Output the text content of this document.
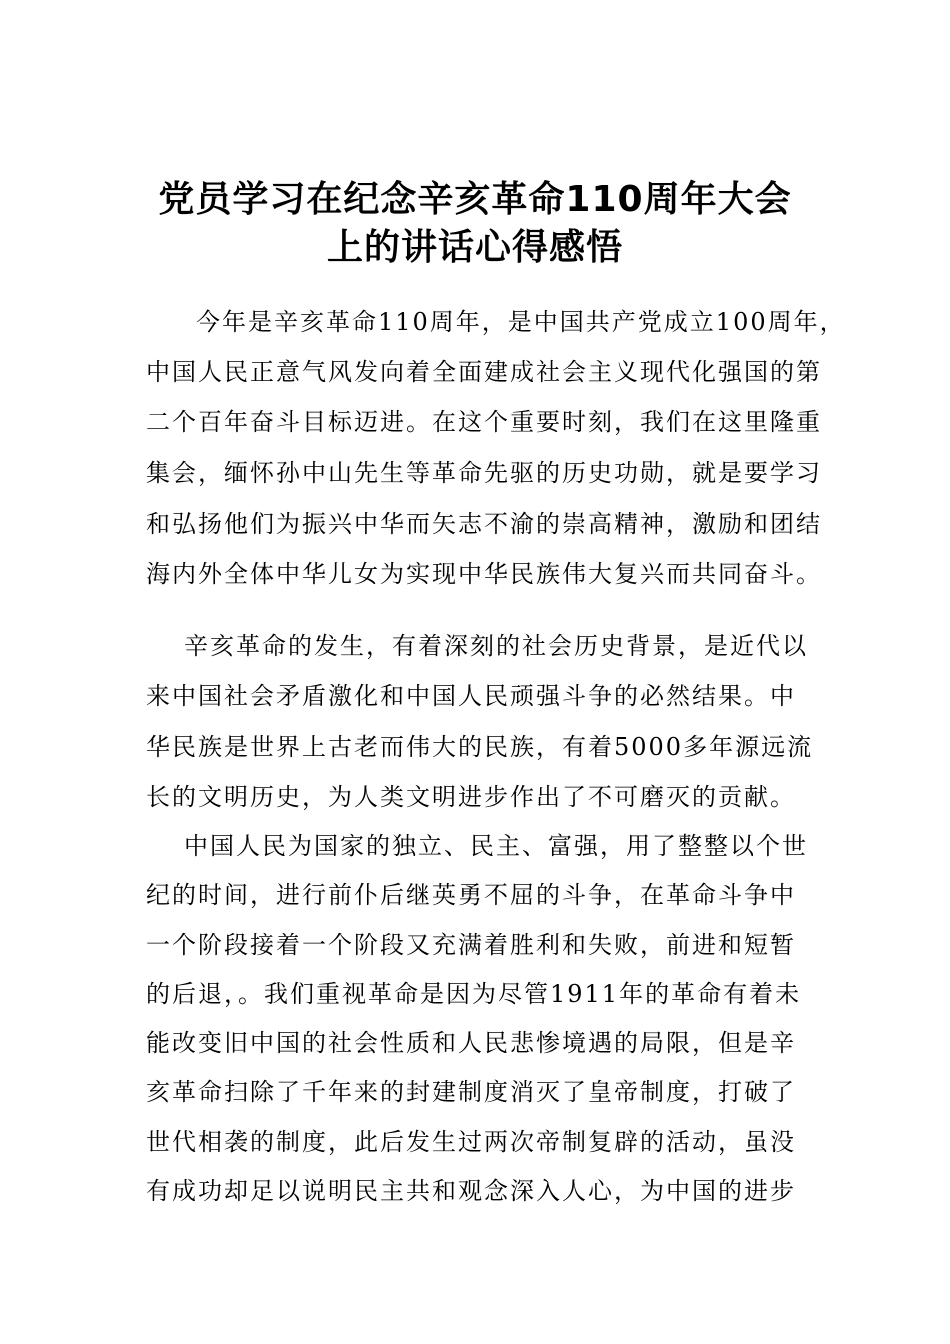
党员学习在纪念辛亥革命110周年大会
上的讲话心得感悟
今年是辛亥革命110周年，是中国共产党成立100周年，
中国人民正意气风发向着全面建成社会主义现代化强国的第
二个百年奋斗目标迈进。在这个重要时刻，我们在这里隆重
集会，缅怀孙中山先生等革命先驱的历史功勋，就是要学习
和弘扬他们为振兴中华而矢志不渝的崇高精神，激励和团结
海内外全体中华儿女为实现中华民族伟大复兴而共同奋斗。
辛亥革命的发生，有着深刻的社会历史背景，是近代以
来中国社会矛盾激化和中国人民顽强斗争的必然结果。中
华民族是世界上古老而伟大的民族，有着5000多年源远流
长的文明历史，为人类文明进步作出了不可磨灭的贡献。
中国人民为国家的独立、民主、富强，用了整整以个世
纪的时间，进行前仆后继英勇不屈的斗争，在革命斗争中
一个阶段接着一个阶段又充满着胜利和失败，前进和短暂
的后退，。我们重视革命是因为尽管1911年的革命有着未
能改变旧中国的社会性质和人民悲惨境遇的局限，但是辛
亥革命扫除了千年来的封建制度消灭了皇帝制度，打破了
世代相袭的制度，此后发生过两次帝制复辟的活动，虽没
有成功却足以说明民主共和观念深入人心，为中国的进步
